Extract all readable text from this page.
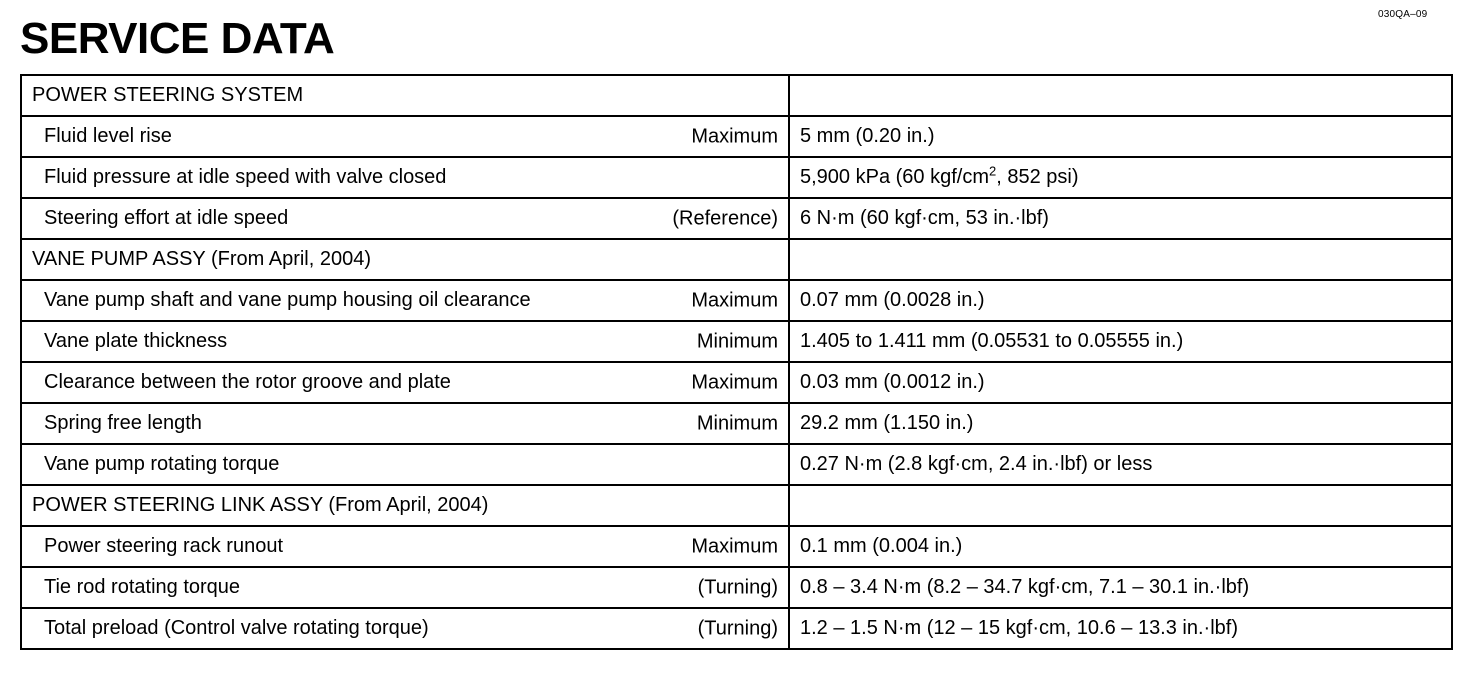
030QA–09
SERVICE DATA
POWER STEERING SYSTEM	
Fluid level rise Maximum	5 mm (0.20 in.)
Fluid pressure at idle speed with valve closed	5,900 kPa (60 kgf/$cm^2$, 852 psi)
Steering effort at idle speed (Reference)	6 N·m (60 kgf·cm, 53 in.·lbf)
VANE PUMP ASSY (From April, 2004)	
Vane pump shaft and vane pump housing oil clearance Maximum	0.07 mm (0.0028 in.)
Vane plate thickness Minimum	1.405 to 1.411 mm (0.05531 to 0.05555 in.)
Clearance between the rotor groove and plate Maximum	0.03 mm (0.0012 in.)
Spring free length Minimum	29.2 mm (1.150 in.)
Vane pump rotating torque	0.27 N·m (2.8 kgf·cm, 2.4 in.·lbf) or less
POWER STEERING LINK ASSY (From April, 2004)	
Power steering rack runout Maximum	0.1 mm (0.004 in.)
Tie rod rotating torque (Turning)	0.8 – 3.4 N·m (8.2 – 34.7 kgf·cm, 7.1 – 30.1 in.·lbf)
Total preload (Control valve rotating torque) (Turning)	1.2 – 1.5 N·m (12 – 15 kgf·cm, 10.6 – 13.3 in.·lbf)
